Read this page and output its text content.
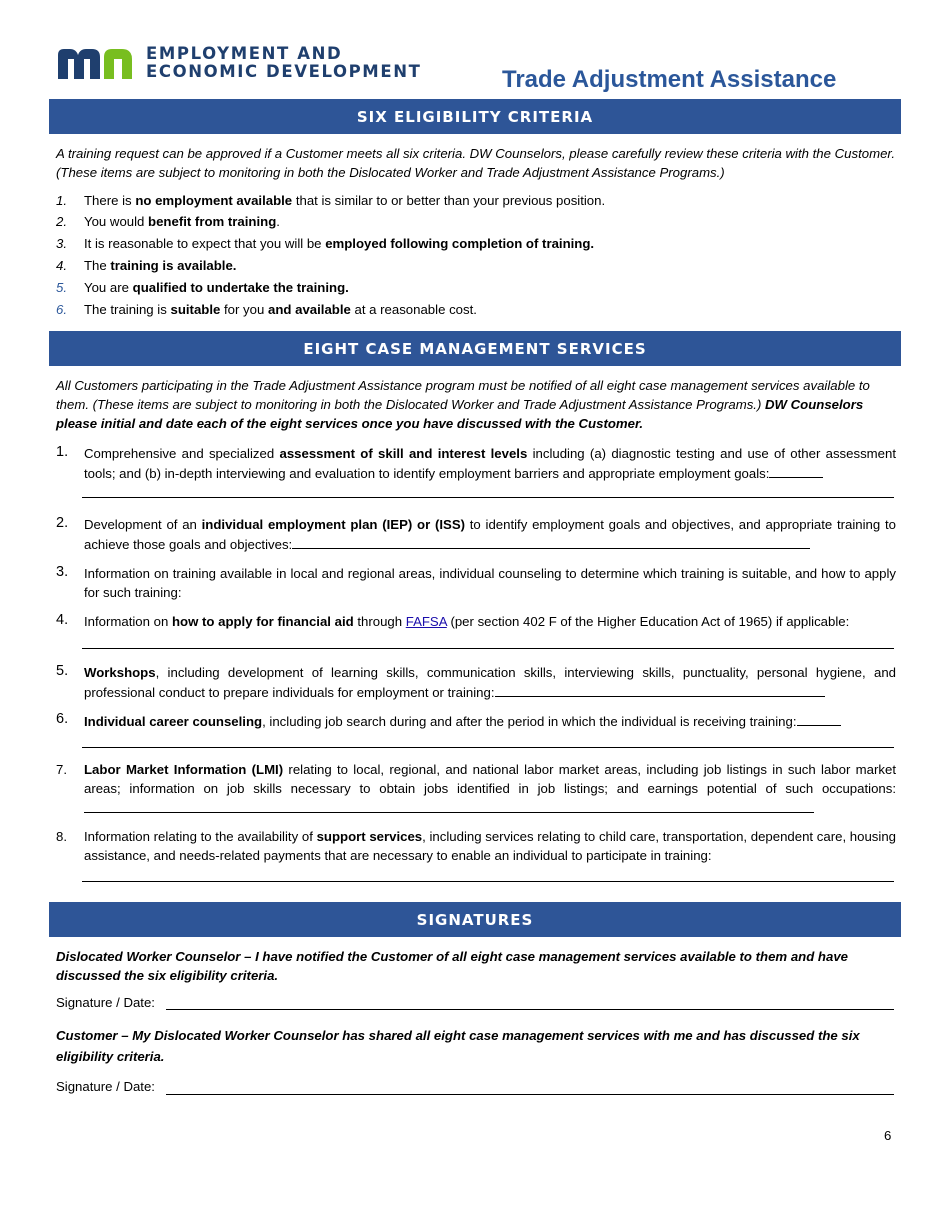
EMPLOYMENT AND
ECONOMIC DEVELOPMENT	Trade Adjustment Assistance
SIX ELIGIBILITY CRITERIA
A training request can be approved if a Customer meets all six criteria. DW Counselors, please carefully review these criteria with the Customer. (These items are subject to monitoring in both the Dislocated Worker and Trade Adjustment Assistance Programs.)
1. There is no employment available that is similar to or better than your previous position.
2. You would benefit from training.
3. It is reasonable to expect that you will be employed following completion of training.
4. The training is available.
5. You are qualified to undertake the training.
6. The training is suitable for you and available at a reasonable cost.
EIGHT CASE MANAGEMENT SERVICES
All Customers participating in the Trade Adjustment Assistance program must be notified of all eight case management services available to them. (These items are subject to monitoring in both the Dislocated Worker and Trade Adjustment Assistance Programs.) DW Counselors please initial and date each of the eight services once you have discussed with the Customer.
1. Comprehensive and specialized assessment of skill and interest levels including (a) diagnostic testing and use of other assessment tools; and (b) in-depth interviewing and evaluation to identify employment barriers and appropriate employment goals:
2. Development of an individual employment plan (IEP) or (ISS) to identify employment goals and objectives, and appropriate training to achieve those goals and objectives:
3. Information on training available in local and regional areas, individual counseling to determine which training is suitable, and how to apply for such training:
4. Information on how to apply for financial aid through FAFSA (per section 402 F of the Higher Education Act of 1965) if applicable:
5. Workshops, including development of learning skills, communication skills, interviewing skills, punctuality, personal hygiene, and professional conduct to prepare individuals for employment or training:
6. Individual career counseling, including job search during and after the period in which the individual is receiving training:
7. Labor Market Information (LMI) relating to local, regional, and national labor market areas, including job listings in such labor market areas; information on job skills necessary to obtain jobs identified in job listings; and earnings potential of such occupations:
8. Information relating to the availability of support services, including services relating to child care, transportation, dependent care, housing assistance, and needs-related payments that are necessary to enable an individual to participate in training:
SIGNATURES
Dislocated Worker Counselor – I have notified the Customer of all eight case management services available to them and have discussed the six eligibility criteria.
Signature / Date:
Customer – My Dislocated Worker Counselor has shared all eight case management services with me and has discussed the six eligibility criteria.
Signature / Date:
6
